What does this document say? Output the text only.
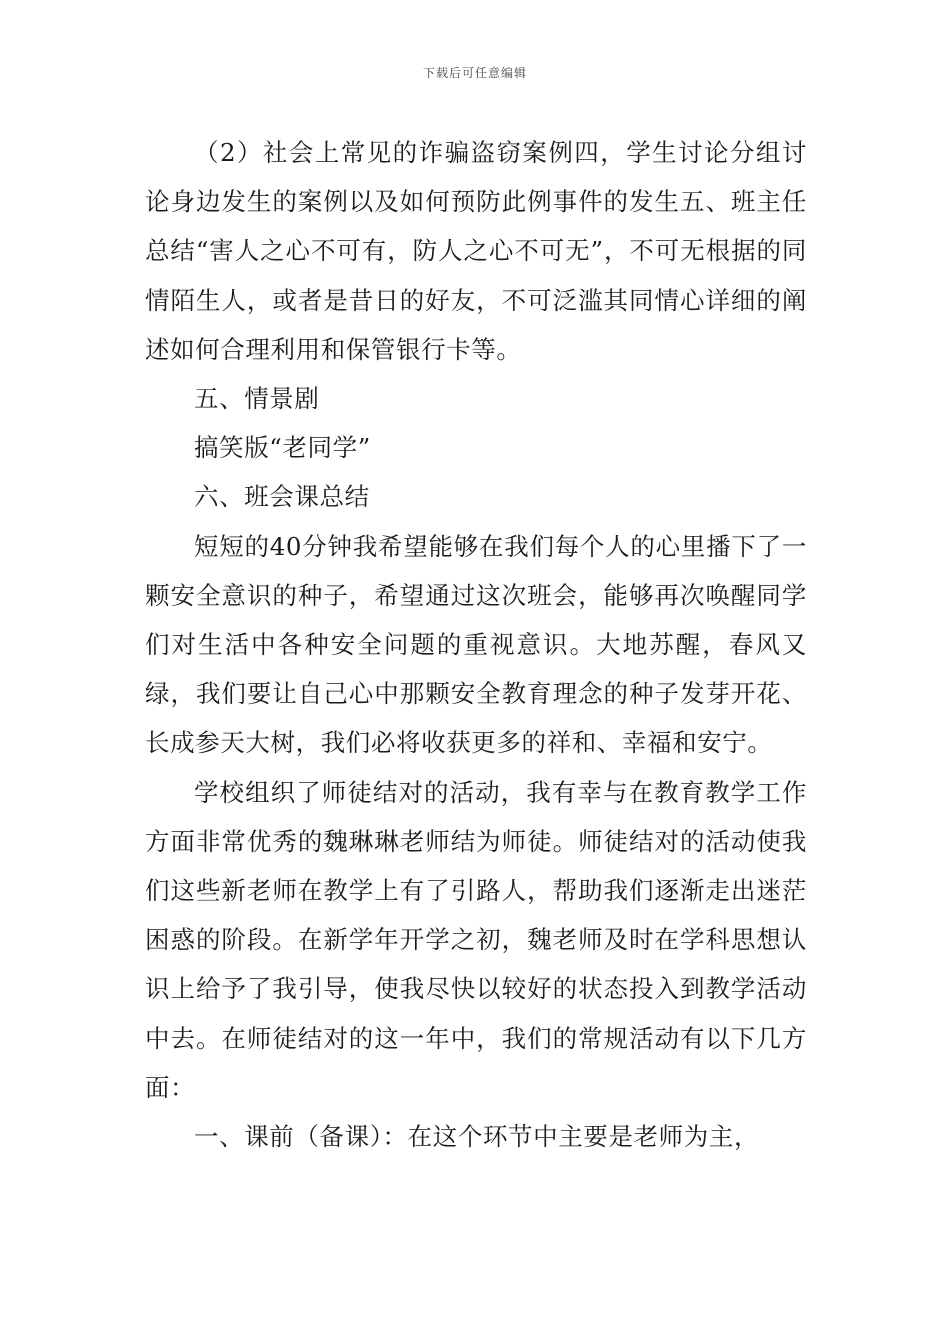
下载后可任意编辑

（2）社会上常见的诈骗盗窃案例四，学生讨论分组讨论身边发生的案例以及如何预防此例事件的发生五、班主任总结“害人之心不可有，防人之心不可无”，不可无根据的同情陌生人，或者是昔日的好友，不可泛滥其同情心详细的阐述如何合理利用和保管银行卡等。

五、情景剧

搞笑版“老同学”

六、班会课总结

短短的40分钟我希望能够在我们每个人的心里播下了一颗安全意识的种子，希望通过这次班会，能够再次唤醒同学们对生活中各种安全问题的重视意识。大地苏醒，春风又绿，我们要让自己心中那颗安全教育理念的种子发芽开花、长成参天大树，我们必将收获更多的祥和、幸福和安宁。

学校组织了师徒结对的活动，我有幸与在教育教学工作方面非常优秀的魏琳琳老师结为师徒。师徒结对的活动使我们这些新老师在教学上有了引路人，帮助我们逐渐走出迷茫困惑的阶段。在新学年开学之初，魏老师及时在学科思想认识上给予了我引导，使我尽快以较好的状态投入到教学活动中去。在师徒结对的这一年中，我们的常规活动有以下几方面：

一、课前（备课）：在这个环节中主要是老师为主，
